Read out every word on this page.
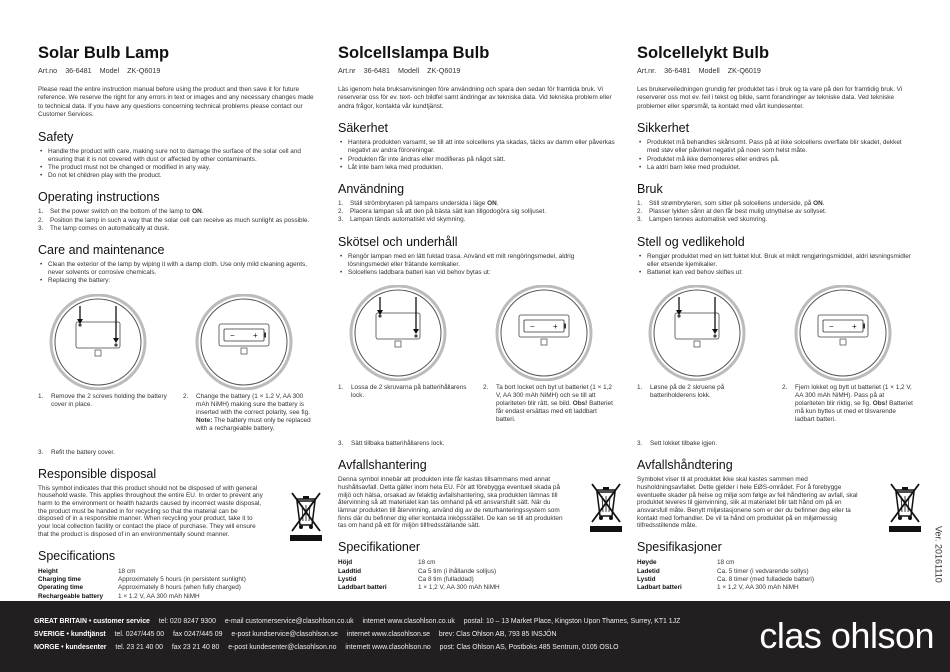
Solar Bulb Lamp
Art.no 36-6481 Model ZK-Q6019

Please read the entire instruction manual before using the product and then save it for future reference. We reserve the right for any errors in text or images and any necessary changes made to technical data. If you have any questions concerning technical problems please contact our Customer Services.

Safety
• Handle the product with care, making sure not to damage the surface of the solar cell and ensuring that it is not covered with dust or affected by other contaminants.
• The product must not be changed or modified in any way.
• Do not let children play with the product.
Operating instructions
1. Set the power switch on the bottom of the lamp to ON.
2. Position the lamp in such a way that the solar cell can receive as much sunlight as possible.
3. The lamp comes on automatically at dusk.
Care and maintenance
• Clean the exterior of the lamp by wiping it with a damp cloth. Use only mild cleaning agents, never solvents or corrosive chemicals.
• Replacing the battery:
− +
1.	Remove the 2 screws holding the battery cover in place.
2.	Change the battery (1 × 1.2 V, AA 300 mAh NiMH) making sure the battery is inserted with the correct polarity, see fig. Note: The battery must only be replaced with a rechargeable battery.
3.	Refit the battery cover.
Responsible disposal
This symbol indicates that this product should not be disposed of with general household waste. This applies throughout the entire EU. In order to prevent any harm to the environment or health hazards caused by incorrect waste disposal, the product must be handed in for recycling so that the material can be disposed of in a responsible manner. When recycling your product, take it to your local collection facility or contact the place of purchase. They will ensure that the product is disposed of in an environmentally sound manner.
Specifications
Height	18 cm
Charging time	Approximately 5 hours (in persistent sunlight)
Operating time	Approximately 8 hours (when fully charged)
Rechargeable battery	1 × 1.2 V, AA 300 mAh NiMH
Solcellslampa Bulb
Art.nr 36-6481 Modell ZK-Q6019

Läs igenom hela bruksanvisningen före användning och spara den sedan för framtida bruk. Vi reserverar oss för ev. text- och bildfel samt ändringar av tekniska data. Vid tekniska problem eller andra frågor, kontakta vår kundtjänst.

Säkerhet
• Hantera produkten varsamt, se till att inte solcellens yta skadas, täcks av damm eller påverkas negativt av andra föroreningar.
• Produkten får inte ändras eller modifieras på något sätt.
• Låt inte barn leka med produkten.
Användning
1. Ställ strömbrytaren på lampans undersida i läge ON.
2. Placera lampan så att den på bästa sätt kan tillgodogöra sig solljuset.
3. Lampan tänds automatiskt vid skymning.
Skötsel och underhåll
• Rengör lampan med en lätt fuktad trasa. Använd ett milt rengöringsmedel, aldrig lösningsmedel eller frätande kemikalier.
• Solcellens laddbara batteri kan vid behov bytas ut:
− +
1.	Lossa de 2 skruvarna på batterihållarens lock.
2.	Ta bort locket och byt ut batteriet (1 × 1,2 V, AA 300 mAh NiMH) och se till att polariteten blir rätt, se bild. Obs! Batteriet får endast ersättas med ett laddbart batteri.
3.	Sätt tillbaka batterihållarens lock.
Avfallshantering
Denna symbol innebär att produkten inte får kastas tillsammans med annat hushållsavfall. Detta gäller inom hela EU. För att förebygga eventuell skada på miljö och hälsa, orsakad av felaktig avfallshantering, ska produkten lämnas till återvinning så att materialet kan tas omhand på ett ansvarsfullt sätt. När du lämnar produkten till återvinning, använd dig av de returhanteringssystem som finns där du befinner dig eller kontakta inköpsstället. De kan se till att produkten tas om hand på ett för miljön tillfredsställande sätt.
Specifikationer
Höjd	18 cm
Laddtid	Ca 5 tim (i ihållande solljus)
Lystid	Ca 8 tim (fulladdad)
Laddbart batteri	1 × 1,2 V, AA 300 mAh NiMH
Solcellelykt Bulb
Art.nr. 36-6481 Modell ZK-Q6019

Les brukerveiledningen grundig før produktet tas i bruk og ta vare på den for framtidig bruk. Vi reserverer oss mot ev. feil i tekst og bilde, samt forandringer av tekniske data. Ved tekniske problemer eller spørsmål, ta kontakt med vårt kundesenter.

Sikkerhet
• Produktet må behandles skånsomt. Pass på at ikke solcellens overflate blir skadet, dekket med støv eller påvirket negativt på noen som helst måte.
• Produktet må ikke demonteres eller endres på.
• La aldri barn leke med produktet.
Bruk
1. Still strømbryteren, som sitter på solcellens underside, på ON.
2. Plasser lykten sånn at den får best mulig utnyttelse av sollyset.
3. Lampen tennes automatisk ved skumring.
Stell og vedlikehold
• Rengjør produktet med en lett fuktet klut. Bruk et mildt rengjøringsmiddel, aldri løsningsmidler eller etsende kjemikalier.
• Batteriet kan ved behov skiftes ut:
− +
1.	Løsne på de 2 skruene på batteriholderens lokk.
2.	Fjern lokket og bytt ut batteriet (1 × 1,2 V, AA 300 mAh NiMH). Pass på at polariteten blir riktig, se fig. Obs! Batteriet må kun byttes ut med et tilsvarende ladbart batteri.
3.	Sett lokket tilbake igjen.
Avfallshåndtering
Symbolet viser til at produktet ikke skal kastes sammen med husholdningsavfallet. Dette gjelder i hele EØS-området. For å forebygge eventuelle skader på helse og miljø som følge av feil håndtering av avfall, skal produktet leveres til gjenvinning, slik at materialet blir tatt hånd om på en ansvarsfull måte. Benytt miljøstasjonene som er der du befinner deg eller ta kontakt med forhandler. De vil ta hånd om produktet på en miljømessig tilfredsstillende måte.
Spesifikasjoner
Høyde	18 cm
Ladetid	Ca. 5 timer (i vedvarende sollys)
Lystid	Ca. 8 timer (med fulladede batteri)
Ladbart batteri	1 × 1,2 V, AA 300 mAh NiMH
Ver. 20161110
GREAT BRITAIN • customer service tel: 020 8247 9300 e-mail customerservice@clasohlson.co.uk internet www.clasohlson.co.uk postal: 10 – 13 Market Place, Kingston Upon Thames, Surrey, KT1 1JZ
SVERIGE • kundtjänst tel. 0247/445 00 fax 0247/445 09 e-post kundservice@clasohlson.se internet www.clasohlson.se brev: Clas Ohlson AB, 793 85 INSJÖN
NORGE • kundesenter tel. 23 21 40 00 fax 23 21 40 80 e-post kundesenter@clasohlson.no internett www.clasohlson.no post: Clas Ohlson AS, Postboks 485 Sentrum, 0105 OSLO	clas ohlson
